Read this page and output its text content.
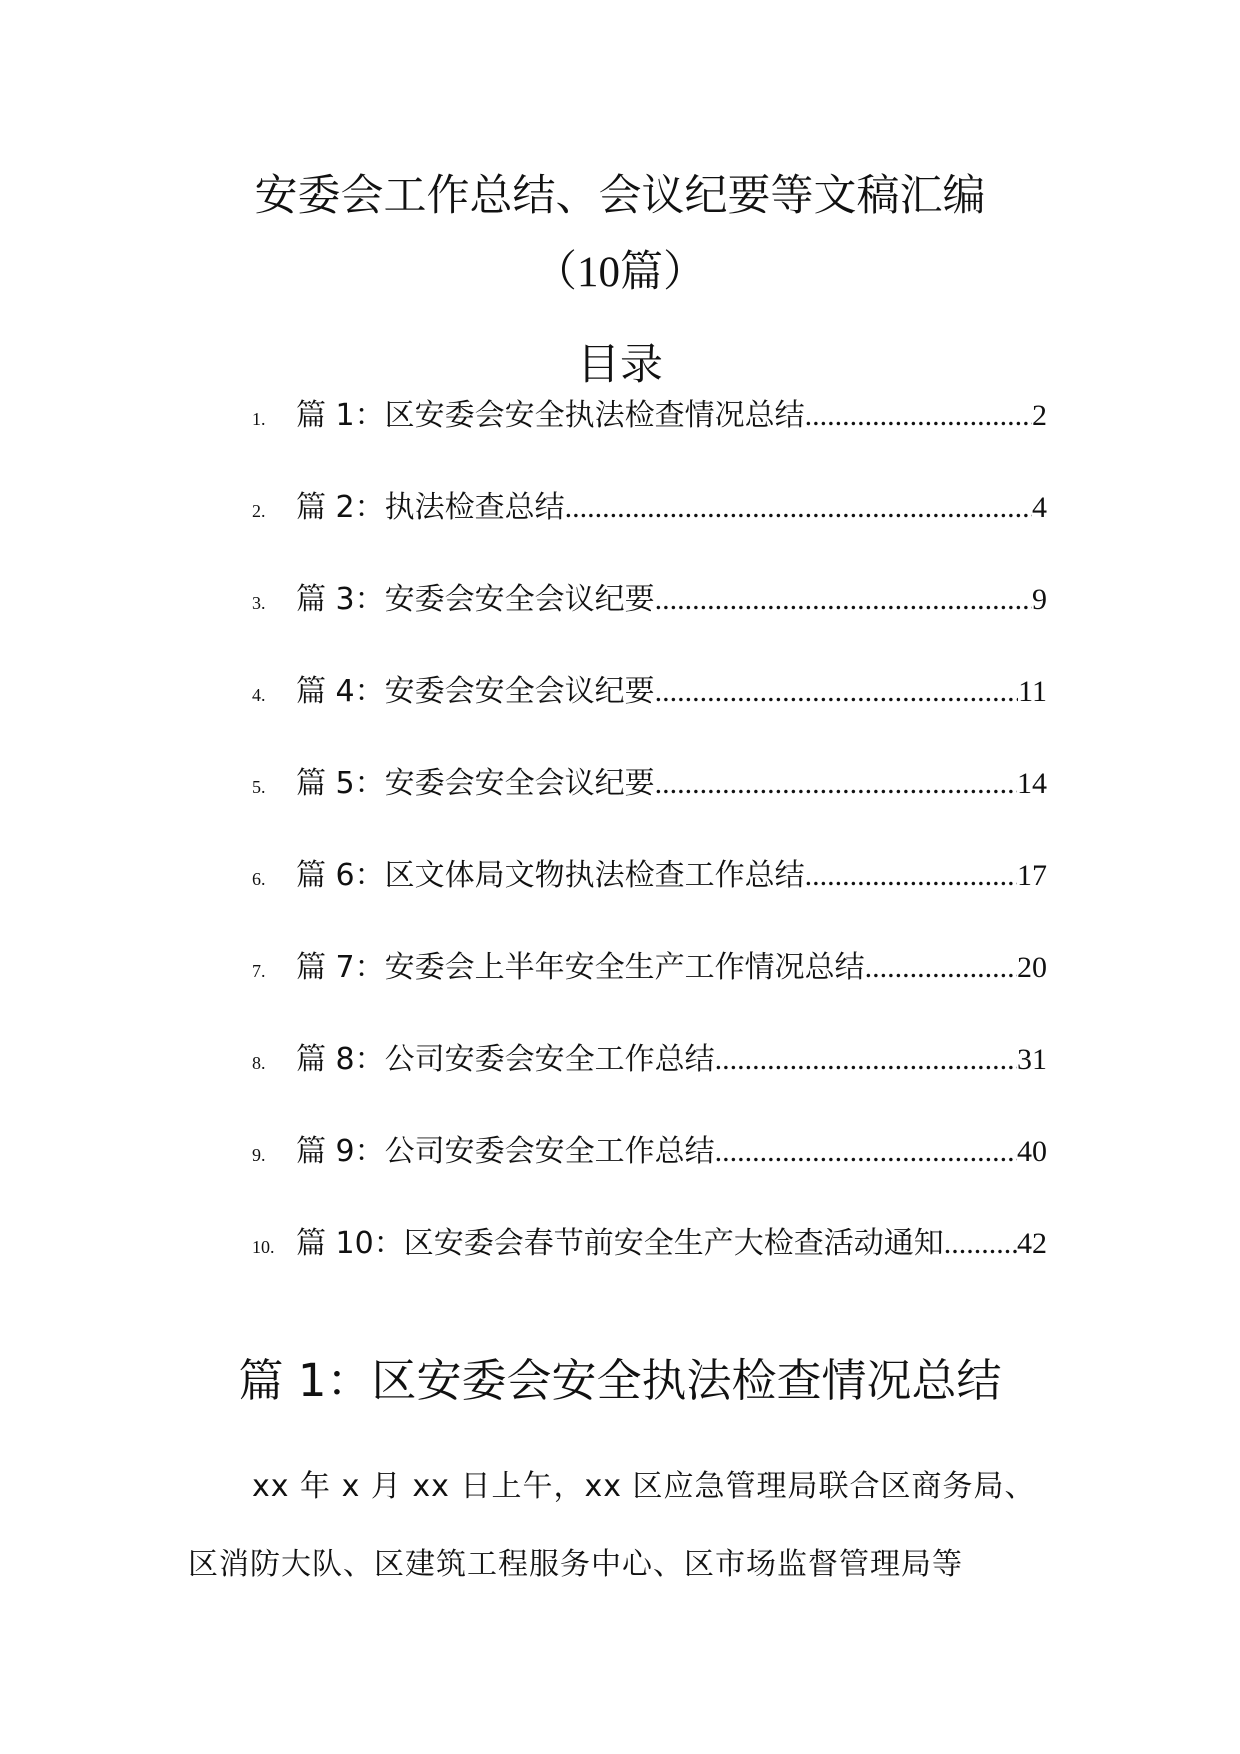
安委会工作总结、会议纪要等文稿汇编
（10篇）
目录
1.	篇 1：区安委会安全执法检查情况总结 .....	2
2.	篇 2：执法检查总结 .....	4
3.	篇 3：安委会安全会议纪要 .....	9
4.	篇 4：安委会安全会议纪要 .....	11
5.	篇 5：安委会安全会议纪要 .....	14
6.	篇 6：区文体局文物执法检查工作总结 .....	17
7.	篇 7：安委会上半年安全生产工作情况总结 .....	20
8.	篇 8：公司安委会安全工作总结 .....	31
9.	篇 9：公司安委会安全工作总结 .....	40
10. 篇 10：区安委会春节前安全生产大检查活动通知 ..... 42
篇 1：区安委会安全执法检查情况总结

xx 年 x 月 xx 日上午，xx 区应急管理局联合区商务局、区消防大队、区建筑工程服务中心、区市场监督管理局等
